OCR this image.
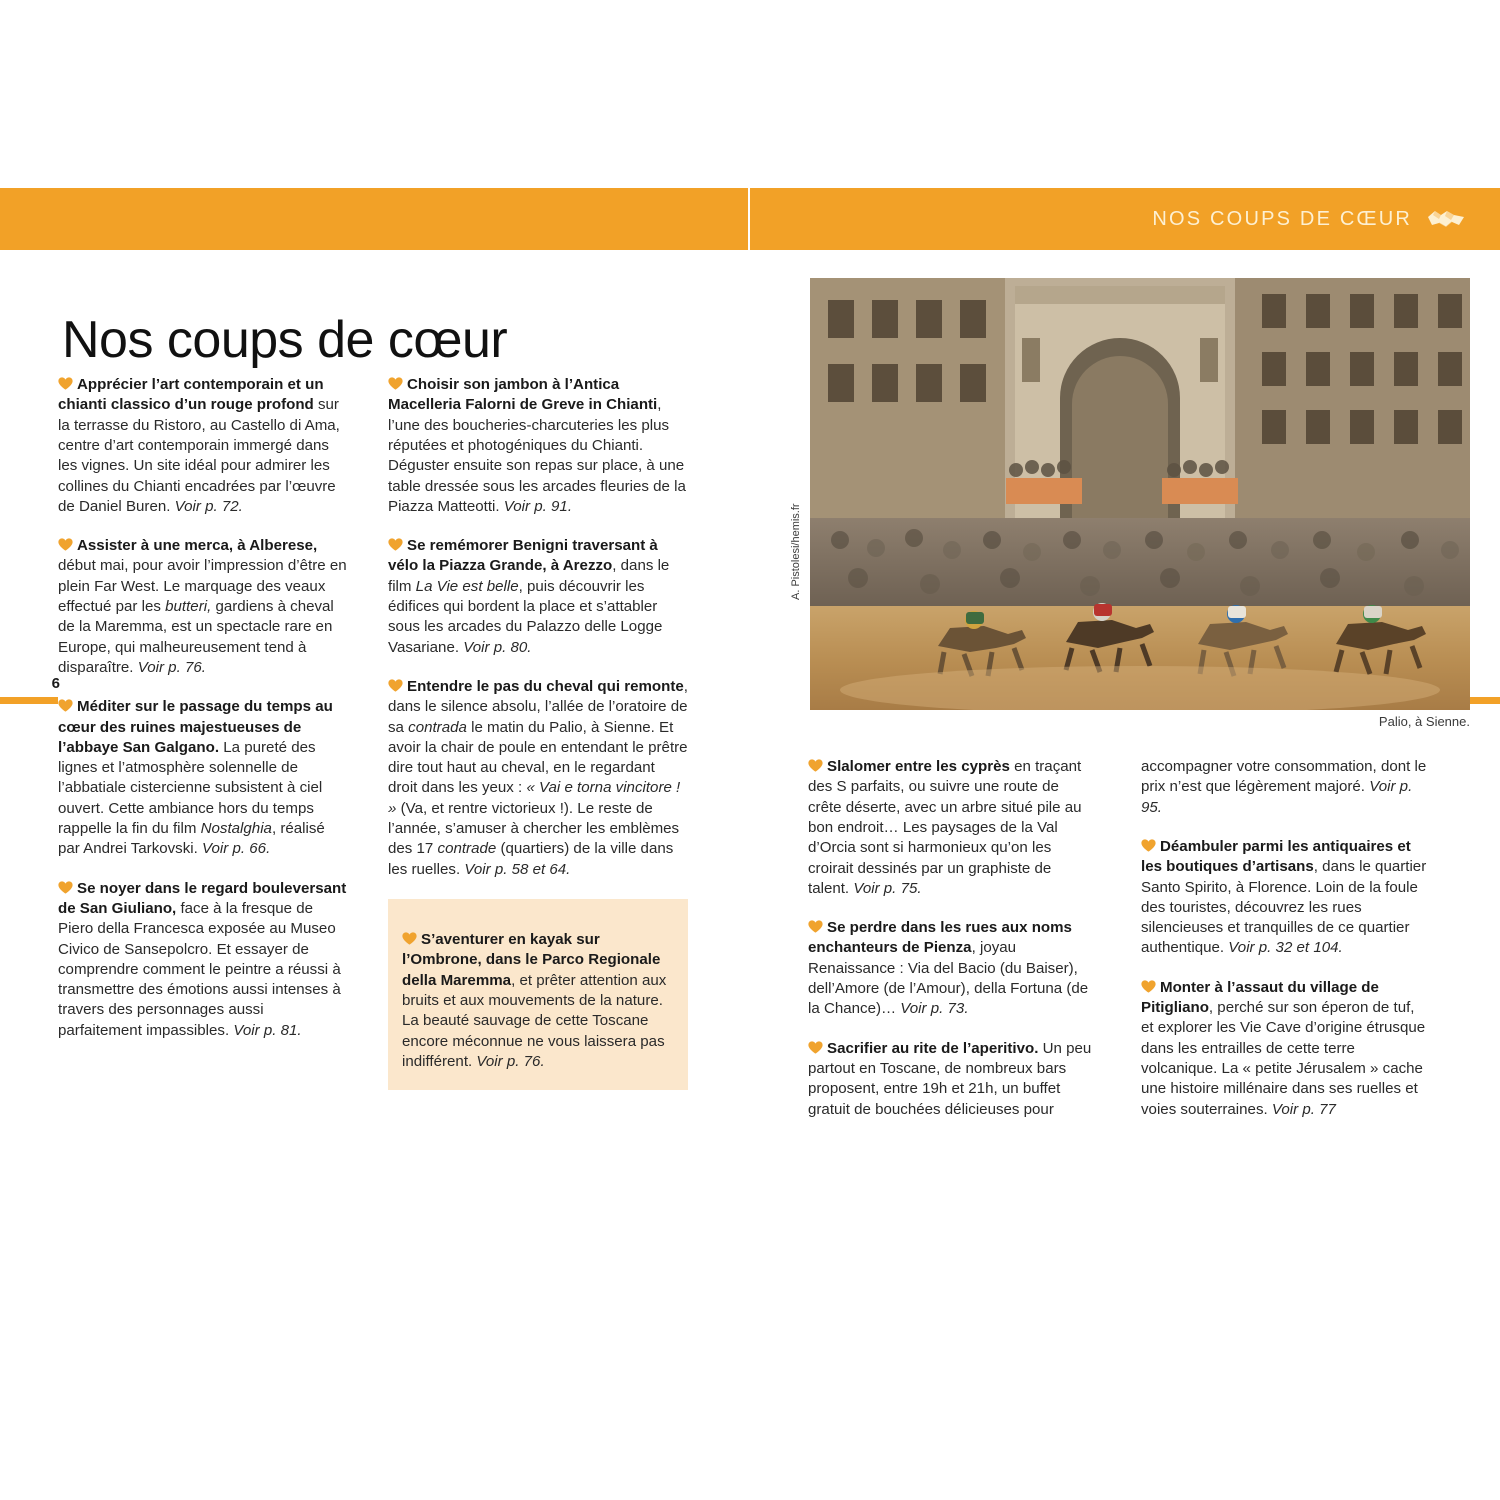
NOS COUPS DE CŒUR
6
Nos coups de cœur

Apprécier l’art contemporain et un chianti classico d’un rouge profond sur la terrasse du Ristoro, au Castello di Ama, centre d’art contemporain immergé dans les vignes. Un site idéal pour admirer les collines du Chianti encadrées par l’œuvre de Daniel Buren. Voir p. 72.

Assister à une merca, à Alberese, début mai, pour avoir l’impression d’être en plein Far West. Le marquage des veaux effectué par les butteri, gardiens à cheval de la Maremma, est un spectacle rare en Europe, qui malheureusement tend à disparaître. Voir p. 76.

Méditer sur le passage du temps au cœur des ruines majestueuses de l’abbaye San Galgano. La pureté des lignes et l’atmosphère solennelle de l’abbatiale cistercienne subsistent à ciel ouvert. Cette ambiance hors du temps rappelle la fin du film Nostalghia, réalisé par Andrei Tarkovski. Voir p. 66.

Se noyer dans le regard bouleversant de San Giuliano, face à la fresque de Piero della Francesca exposée au Museo Civico de Sansepolcro. Et essayer de comprendre comment le peintre a réussi à transmettre des émotions aussi intenses à travers des personnages aussi parfaitement impassibles. Voir p. 81.

Choisir son jambon à l’Antica Macelleria Falorni de Greve in Chianti, l’une des boucheries-charcuteries les plus réputées et photogéniques du Chianti. Déguster ensuite son repas sur place, à une table dressée sous les arcades fleuries de la Piazza Matteotti. Voir p. 91.

Se remémorer Benigni traversant à vélo la Piazza Grande, à Arezzo, dans le film La Vie est belle, puis découvrir les édifices qui bordent la place et s’attabler sous les arcades du Palazzo delle Logge Vasariane. Voir p. 80.

Entendre le pas du cheval qui remonte, dans le silence absolu, l’allée de l’oratoire de sa contrada le matin du Palio, à Sienne. Et avoir la chair de poule en entendant le prêtre dire tout haut au cheval, en le regardant droit dans les yeux : « Vai e torna vincitore ! » (Va, et rentre victorieux !). Le reste de l’année, s’amuser à chercher les emblèmes des 17 contrade (quartiers) de la ville dans les ruelles. Voir p. 58 et 64.

S’aventurer en kayak sur l’Ombrone, dans le Parco Regionale della Maremma, et prêter attention aux bruits et aux mouvements de la nature. La beauté sauvage de cette Toscane encore méconnue ne vous laissera pas indifférent. Voir p. 76.

A. Pistolesi/hemis.fr
Palio, à Sienne.

Slalomer entre les cyprès en traçant des S parfaits, ou suivre une route de crête déserte, avec un arbre situé pile au bon endroit… Les paysages de la Val d’Orcia sont si harmonieux qu’on les croirait dessinés par un graphiste de talent. Voir p. 75.

Se perdre dans les rues aux noms enchanteurs de Pienza, joyau Renaissance : Via del Bacio (du Baiser), dell’Amore (de l’Amour), della Fortuna (de la Chance)… Voir p. 73.

Sacrifier au rite de l’aperitivo. Un peu partout en Toscane, de nombreux bars proposent, entre 19h et 21h, un buffet gratuit de bouchées délicieuses pour

accompagner votre consommation, dont le prix n’est que légèrement majoré. Voir p. 95.

Déambuler parmi les antiquaires et les boutiques d’artisans, dans le quartier Santo Spirito, à Florence. Loin de la foule des touristes, découvrez les rues silencieuses et tranquilles de ce quartier authentique. Voir p. 32 et 104.

Monter à l’assaut du village de Pitigliano, perché sur son éperon de tuf, et explorer les Vie Cave d’origine étrusque dans les entrailles de cette terre volcanique. La « petite Jérusalem » cache une histoire millénaire dans ses ruelles et voies souterraines. Voir p. 77
